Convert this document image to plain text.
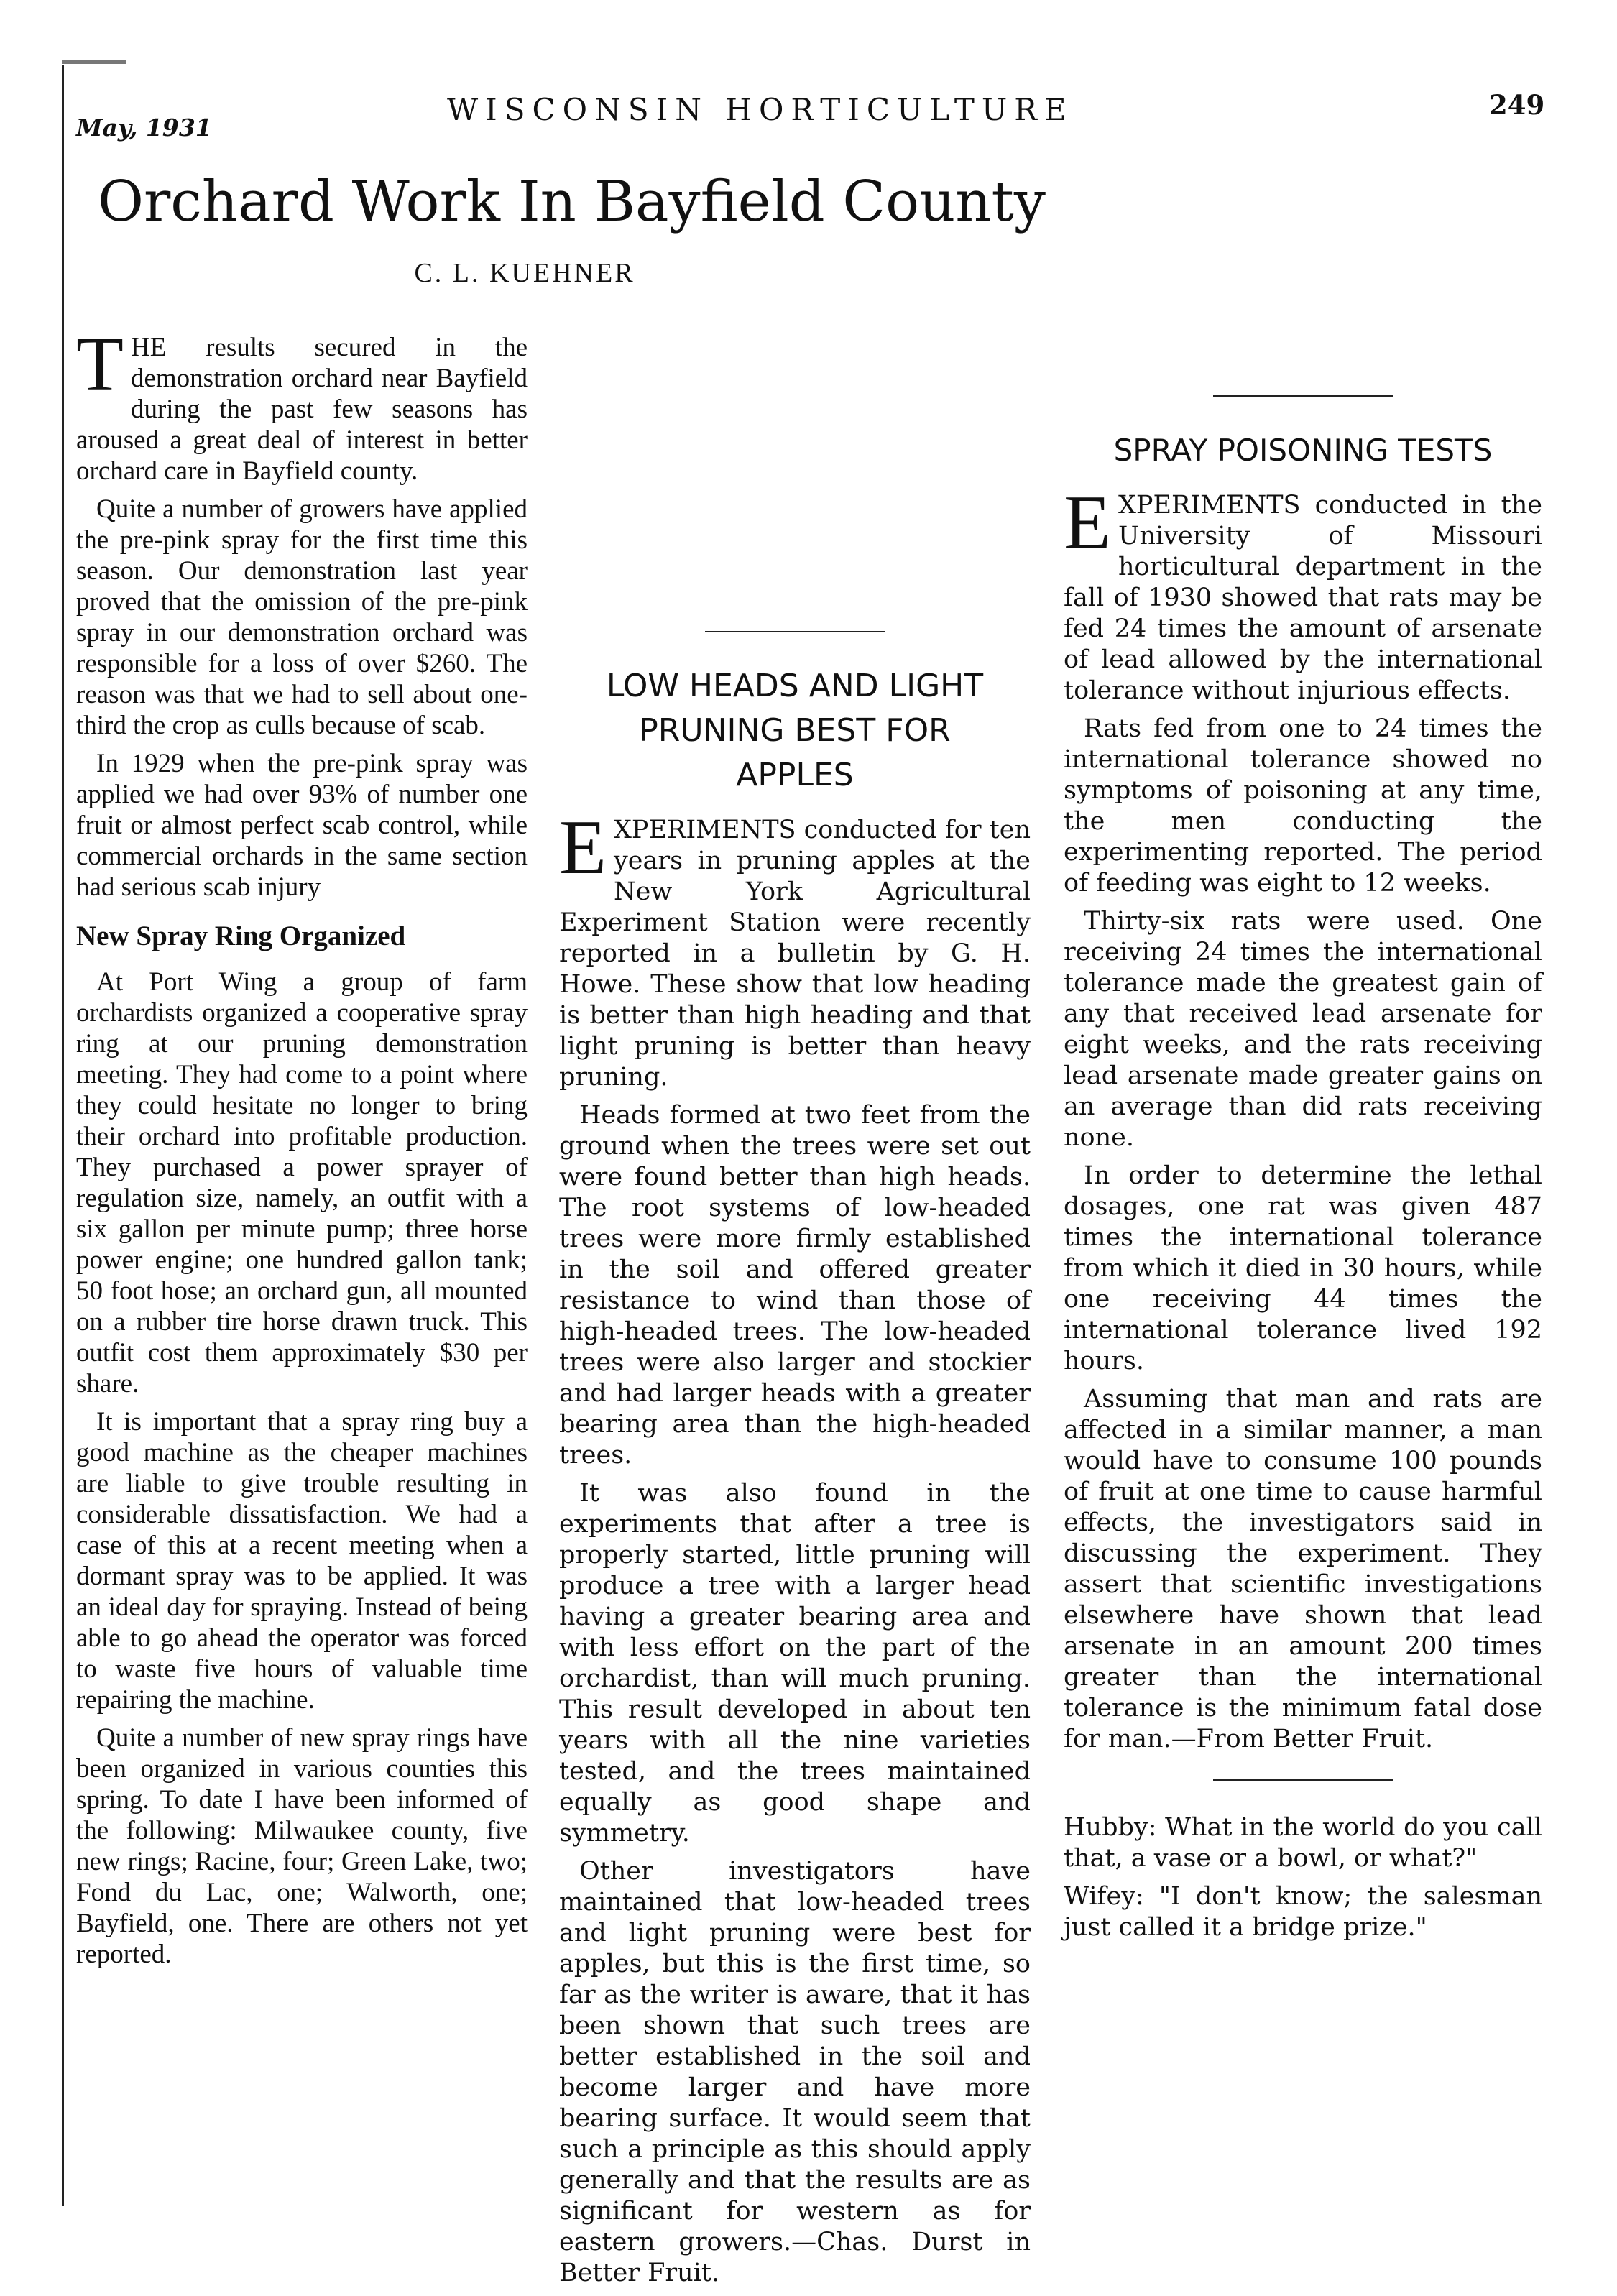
May, 1931
WISCONSIN HORTICULTURE	249
Orchard Work In Bayfield County
C. L. KUEHNER

THE results secured in the demonstration orchard near Bayfield during the past few seasons has aroused a great deal of interest in better orchard care in Bayfield county.

Quite a number of growers have applied the pre-pink spray for the first time this season. Our demonstration last year proved that the omission of the pre-pink spray in our demonstration orchard was responsible for a loss of over $260. The reason was that we had to sell about one-third the crop as culls because of scab.

In 1929 when the pre-pink spray was applied we had over 93% of number one fruit or almost perfect scab control, while commercial orchards in the same section had serious scab injury

New Spray Ring Organized

At Port Wing a group of farm orchardists organized a cooperative spray ring at our pruning demonstration meeting. They had come to a point where they could hesitate no longer to bring their orchard into profitable production. They purchased a power sprayer of regulation size, namely, an outfit with a six gallon per minute pump; three horse power engine; one hundred gallon tank; 50 foot hose; an orchard gun, all mounted on a rubber tire horse drawn truck. This outfit cost them approximately $30 per share.

It is important that a spray ring buy a good machine as the cheaper machines are liable to give trouble resulting in considerable dissatisfaction. We had a case of this at a recent meeting when a dormant spray was to be applied. It was an ideal day for spraying. Instead of being able to go ahead the operator was forced to waste five hours of valuable time repairing the machine.

Quite a number of new spray rings have been organized in various counties this spring. To date I have been informed of the following: Milwaukee county, five new rings; Racine, four; Green Lake, two; Fond du Lac, one; Walworth, one; Bayfield, one. There are others not yet reported.

LOW HEADS AND LIGHT
PRUNING BEST FOR
APPLES

EXPERIMENTS conducted for ten years in pruning apples at the New York Agricultural Experiment Station were recently reported in a bulletin by G. H. Howe. These show that low heading is better than high heading and that light pruning is better than heavy pruning.

Heads formed at two feet from the ground when the trees were set out were found better than high heads. The root systems of low-headed trees were more firmly established in the soil and offered greater resistance to wind than those of high-headed trees. The low-headed trees were also larger and stockier and had larger heads with a greater bearing area than the high-headed trees.

It was also found in the experiments that after a tree is properly started, little pruning will produce a tree with a larger head having a greater bearing area and with less effort on the part of the orchardist, than will much pruning. This result developed in about ten years with all the nine varieties tested, and the trees maintained equally as good shape and symmetry.

Other investigators have maintained that low-headed trees and light pruning were best for apples, but this is the first time, so far as the writer is aware, that it has been shown that such trees are better established in the soil and become larger and have more bearing surface. It would seem that such a principle as this should apply generally and that the results are as significant for western as for eastern growers.—Chas. Durst in Better Fruit.

SPRAY POISONING TESTS

EXPERIMENTS conducted in the University of Missouri horticultural department in the fall of 1930 showed that rats may be fed 24 times the amount of arsenate of lead allowed by the international tolerance without injurious effects.

Rats fed from one to 24 times the international tolerance showed no symptoms of poisoning at any time, the men conducting the experimenting reported. The period of feeding was eight to 12 weeks.

Thirty-six rats were used. One receiving 24 times the international tolerance made the greatest gain of any that received lead arsenate for eight weeks, and the rats receiving lead arsenate made greater gains on an average than did rats receiving none.

In order to determine the lethal dosages, one rat was given 487 times the international tolerance from which it died in 30 hours, while one receiving 44 times the international tolerance lived 192 hours.

Assuming that man and rats are affected in a similar manner, a man would have to consume 100 pounds of fruit at one time to cause harmful effects, the investigators said in discussing the experiment. They assert that scientific investigations elsewhere have shown that lead arsenate in an amount 200 times greater than the international tolerance is the minimum fatal dose for man.—From Better Fruit.

Hubby: What in the world do you call that, a vase or a bowl, or what?"

Wifey: "I don't know; the salesman just called it a bridge prize."
